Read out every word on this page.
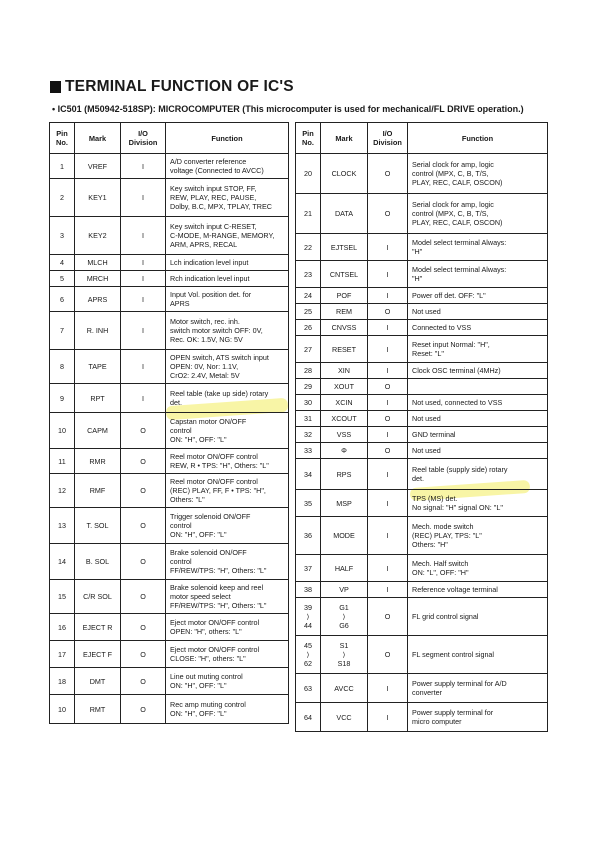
TERMINAL FUNCTION OF IC'S
• IC501 (M50942-518SP): MICROCOMPUTER (This microcomputer is used for mechanical/FL DRIVE operation.)
Pin
No.	Mark	I/O
Division	Function
1	VREF	I	A/D converter reference
voltage (Connected to AVCC)
2	KEY1	I	Key switch input STOP, FF,
REW, PLAY, REC, PAUSE,
Dolby, B.C, MPX, TPLAY, TREC
3	KEY2	I	Key switch input C-RESET,
C-MODE, M-RANGE, MEMORY,
ARM, APRS, RECAL
4	MLCH	I	Lch indication level input
5	MRCH	I	Rch indication level input
6	APRS	I	Input Vol. position det. for
APRS
7	R. INH	I	Motor switch, rec. inh.
switch motor switch OFF: 0V,
Rec. OK: 1.5V, NG: 5V
8	TAPE	I	OPEN switch, ATS switch input
OPEN: 0V, Nor: 1.1V,
CrO2: 2.4V, Metal: 5V
9	RPT	I	Reel table (take up side) rotary
det.
10	CAPM	O	Capstan motor ON/OFF
control
ON: "H", OFF: "L"
11	RMR	O	Reel motor ON/OFF control
REW, R • TPS: "H", Others: "L"
12	RMF	O	Reel motor ON/OFF control
(REC) PLAY, FF, F • TPS: "H",
Others: "L"
13	T. SOL	O	Trigger solenoid ON/OFF
control
ON: "H", OFF: "L"
14	B. SOL	O	Brake solenoid ON/OFF
control
FF/REW/TPS: "H", Others: "L"
15	C/R SOL	O	Brake solenoid keep and reel
motor speed select
FF/REW/TPS: "H", Others: "L"
16	EJECT R	O	Eject motor ON/OFF control
OPEN: "H", others: "L"
17	EJECT F	O	Eject motor ON/OFF control
CLOSE: "H", others: "L"
18	DMT	O	Line out muting control
ON: "H", OFF: "L"
10	RMT	O	Rec amp muting control
ON: "H", OFF: "L"
Pin
No.	Mark	I/O
Division	Function
20	CLOCK	O	Serial clock for amp, logic
control (MPX, C, B, T/S,
PLAY, REC, CALF, OSCON)
21	DATA	O	Serial clock for amp, logic
control (MPX, C, B, T/S,
PLAY, REC, CALF, OSCON)
22	EJTSEL	I	Model select terminal Always:
"H"
23	CNTSEL	I	Model select terminal Always:
"H"
24	POF	I	Power off det. OFF: "L"
25	REM	O	Not used
26	CNVSS	I	Connected to VSS
27	RESET	I	Reset input Normal: "H",
Reset: "L"
28	XIN	I	Clock OSC terminal (4MHz)
29	XOUT	O	
30	XCIN	I	Not used, connected to VSS
31	XCOUT	O	Not used
32	VSS	I	GND terminal
33	Φ	O	Not used
34	RPS	I	Reel table (supply side) rotary
det.
35	MSP	I	TPS (MS) det.
No signal: "H" signal ON: "L"
36	MODE	I	Mech. mode switch
(REC) PLAY, TPS: "L"
Others: "H"
37	HALF	I	Mech. Half switch
ON: "L", OFF: "H"
38	VP	I	Reference voltage terminal
39
⟩
44	G1
⟩
G6	O	FL grid control signal
45
⟩
62	S1
⟩
S18	O	FL segment control signal
63	AVCC	I	Power supply terminal for A/D
converter
64	VCC	I	Power supply terminal for
micro computer
